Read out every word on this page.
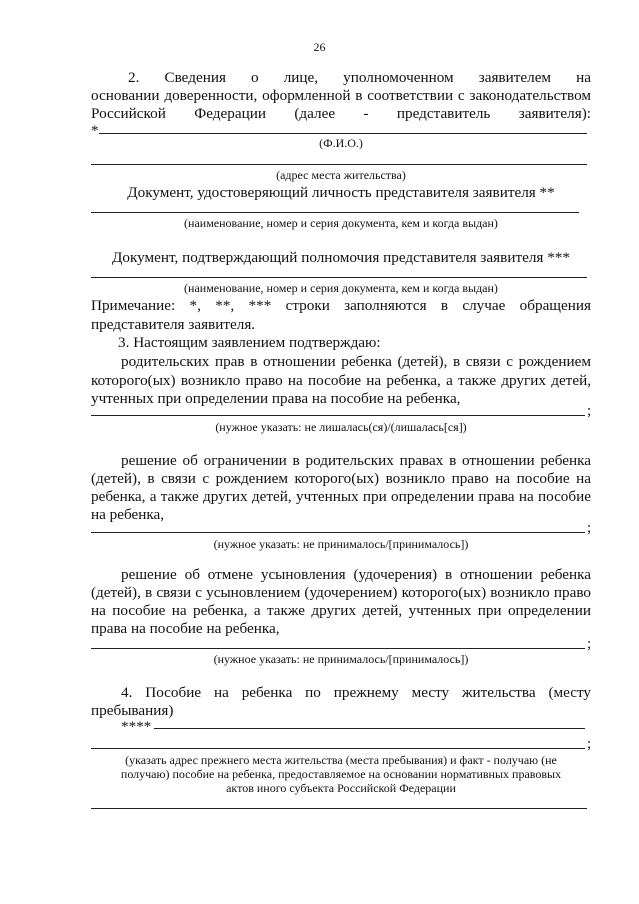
26
2. Сведения о лице, уполномоченном заявителем на
основании доверенности, оформленной в соответствии с законодательством
Российской Федерации (далее - представитель заявителя):
*
(Ф.И.О.)
(адрес места жительства)
Документ, удостоверяющий личность представителя заявителя **
(наименование, номер и серия документа, кем и когда выдан)
Документ, подтверждающий полномочия представителя заявителя ***
(наименование, номер и серия документа, кем и когда выдан)
Примечание: *, **, *** строки заполняются в случае обращения
представителя заявителя.
3. Настоящим заявлением подтверждаю:
родительских прав в отношении ребенка (детей), в связи с рождением
которого(ых) возникло право на пособие на ребенка, а также других детей,
учтенных при определении права на пособие на ребенка,
;
(нужное указать: не лишалась(ся)/(лишалась[ся])
решение об ограничении в родительских правах в отношении ребенка
(детей), в связи с рождением которого(ых) возникло право на пособие на
ребенка, а также других детей, учтенных при определении права на пособие
на ребенка,
;
(нужное указать: не принималось/[принималось])
решение об отмене усыновления (удочерения) в отношении ребенка
(детей), в связи с усыновлением (удочерением) которого(ых) возникло право
на пособие на ребенка, а также других детей, учтенных при определении
права на пособие на ребенка,
;
(нужное указать: не принималось/[принималось])
4. Пособие на ребенка по прежнему месту жительства (месту
пребывания)
****
;
(указать адрес прежнего места жительства (места пребывания) и факт - получаю (не
получаю) пособие на ребенка, предоставляемое на основании нормативных правовых
актов иного субъекта Российской Федерации
